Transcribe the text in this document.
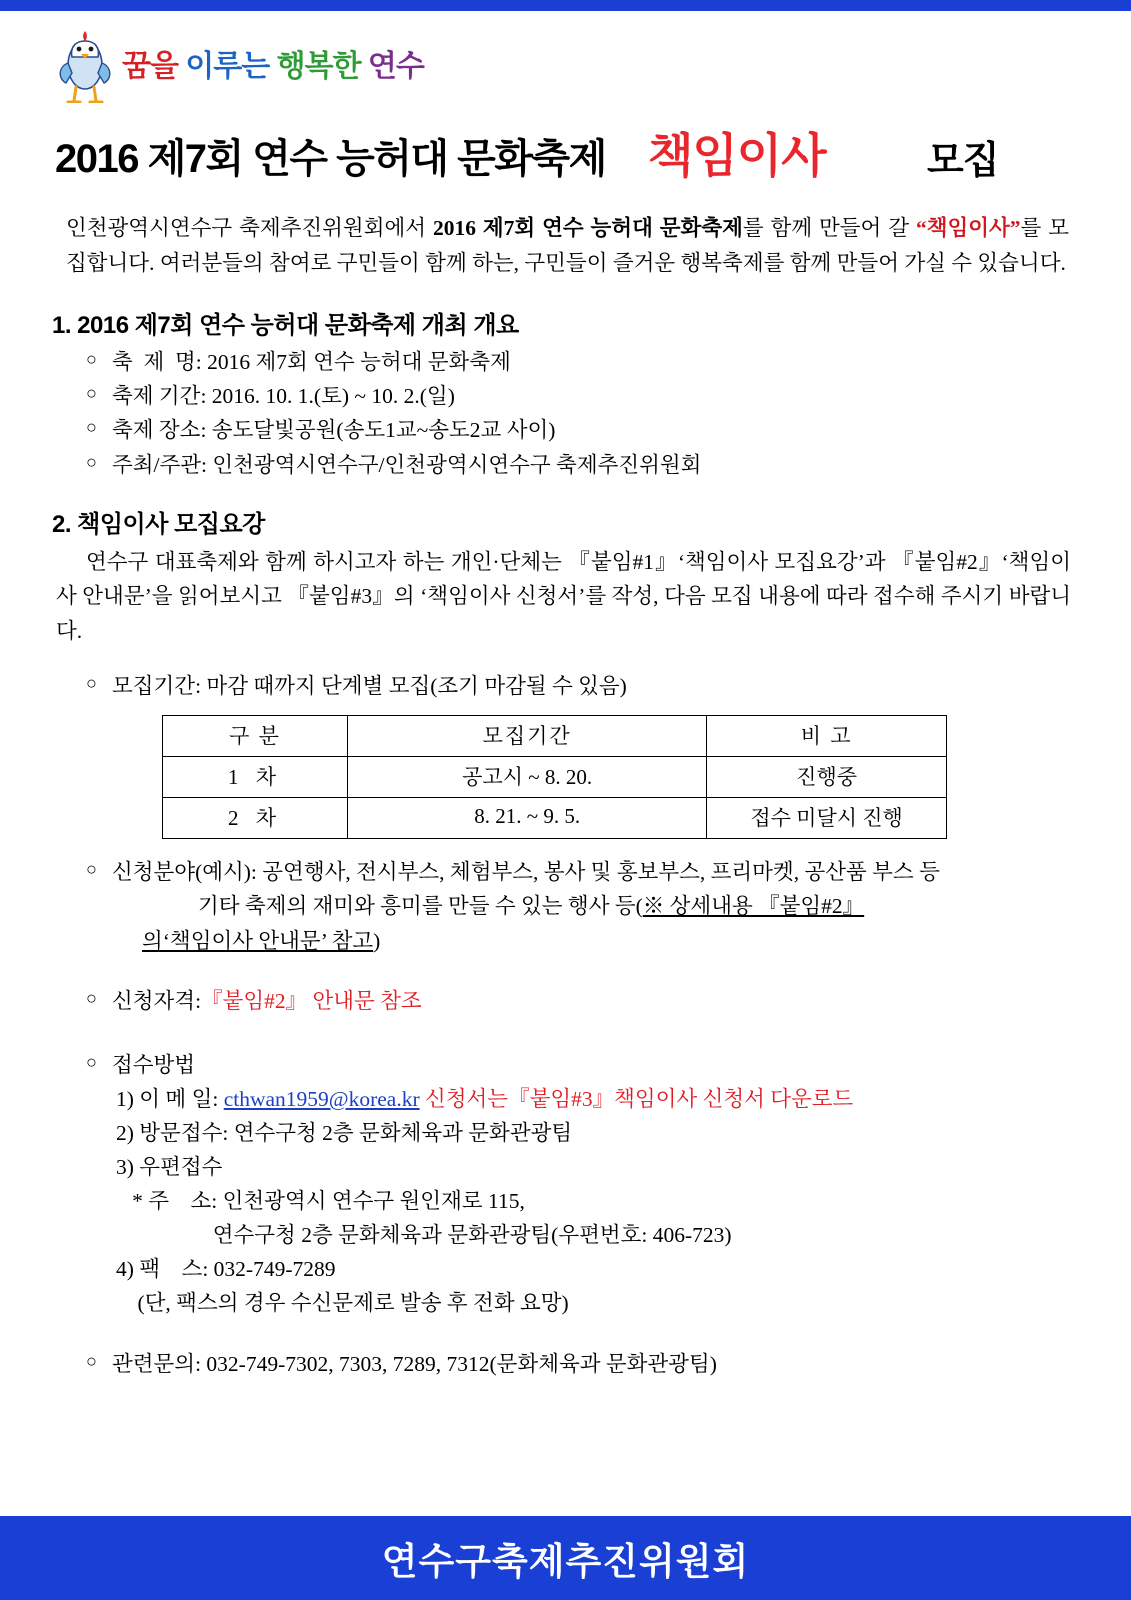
꿈을 이루는 행복한 연수
2016 제7회 연수 능허대 문화축제 책임이사	모집

인천광역시연수구 축제추진위원회에서 2016 제7회 연수 능허대 문화축제를 함께 만들어 갈 “책임이사”를 모집합니다. 여러분들의 참여로 구민들이 함께 하는, 구민들이 즐거운 행복축제를 함께 만들어 가실 수 있습니다.

1. 2016 제7회 연수 능허대 문화축제 개최 개요
○ 축  제  명: 2016 제7회 연수 능허대 문화축제
○ 축제 기간: 2016. 10. 1.(토) ~ 10. 2.(일)
○ 축제 장소: 송도달빛공원(송도1교~송도2교 사이)
○ 주최/주관: 인천광역시연수구/인천광역시연수구 축제추진위원회
2. 책임이사 모집요강

연수구 대표축제와 함께 하시고자 하는 개인·단체는 『붙임#1』‘책임이사 모집요강’과 『붙임#2』‘책임이사 안내문’을 읽어보시고 『붙임#3』의 ‘책임이사 신청서’를 작성, 다음 모집 내용에 따라 접수해 주시기 바랍니다.

○ 모집기간: 마감 때까지 단계별 모집(조기 마감될 수 있음)
구 분	모집기간	비 고
1 차	공고시 ~ 8. 20.	진행중
2 차	8. 21. ~ 9. 5.	접수 미달시 진행
○ 신청분야(예시): 공연행사, 전시부스, 체험부스, 봉사 및 홍보부스, 프리마켓, 공산품 부스 등
기타 축제의 재미와 흥미를 만들 수 있는 행사 등(※ 상세내용 『붙임#2』
의‘책임이사 안내문’ 참고)
○ 신청자격:『붙임#2』 안내문 참조
○ 접수방법
1) 이 메 일: cthwan1959@korea.kr 신청서는『붙임#3』책임이사 신청서 다운로드
2) 방문접수: 연수구청 2층 문화체육과 문화관광팀
3) 우편접수
* 주    소: 인천광역시 연수구 원인재로 115,
연수구청 2층 문화체육과 문화관광팀(우편번호: 406-723)
4) 팩    스: 032-749-7289
(단, 팩스의 경우 수신문제로 발송 후 전화 요망)
○ 관련문의: 032-749-7302, 7303, 7289, 7312(문화체육과 문화관광팀)
연수구축제추진위원회
